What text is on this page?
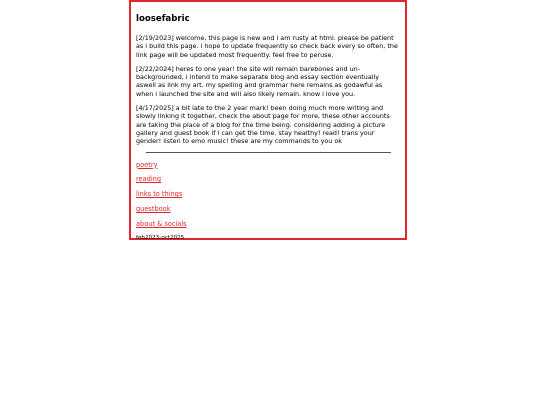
loosefabric

[2/19/2023] welcome, this page is new and i am rusty at html. please be patient as i build this page. i hope to update frequently so check back every so often, the link page will be updated most frequently. feel free to peruse.

[2/22/2024] heres to one year! the site will remain barebones and un-backgrounded, i intend to make separate blog and essay section eventually aswell as link my art. my spelling and grammar here remains as godawful as when i launched the site and will also likely remain. know i love you.

[4/17/2025] a bit late to the 2 year mark! been doing much more writing and slowly linking it together, check the about page for more, these other accounts are taking the place of a blog for the time being. considering adding a picture gallery and guest book if i can get the time. stay healthy! read! trans your gender! listen to emo music! these are my commands to you ok

poetry
reading
links to things
guestbook
about & socials
feb2023-oct2025
